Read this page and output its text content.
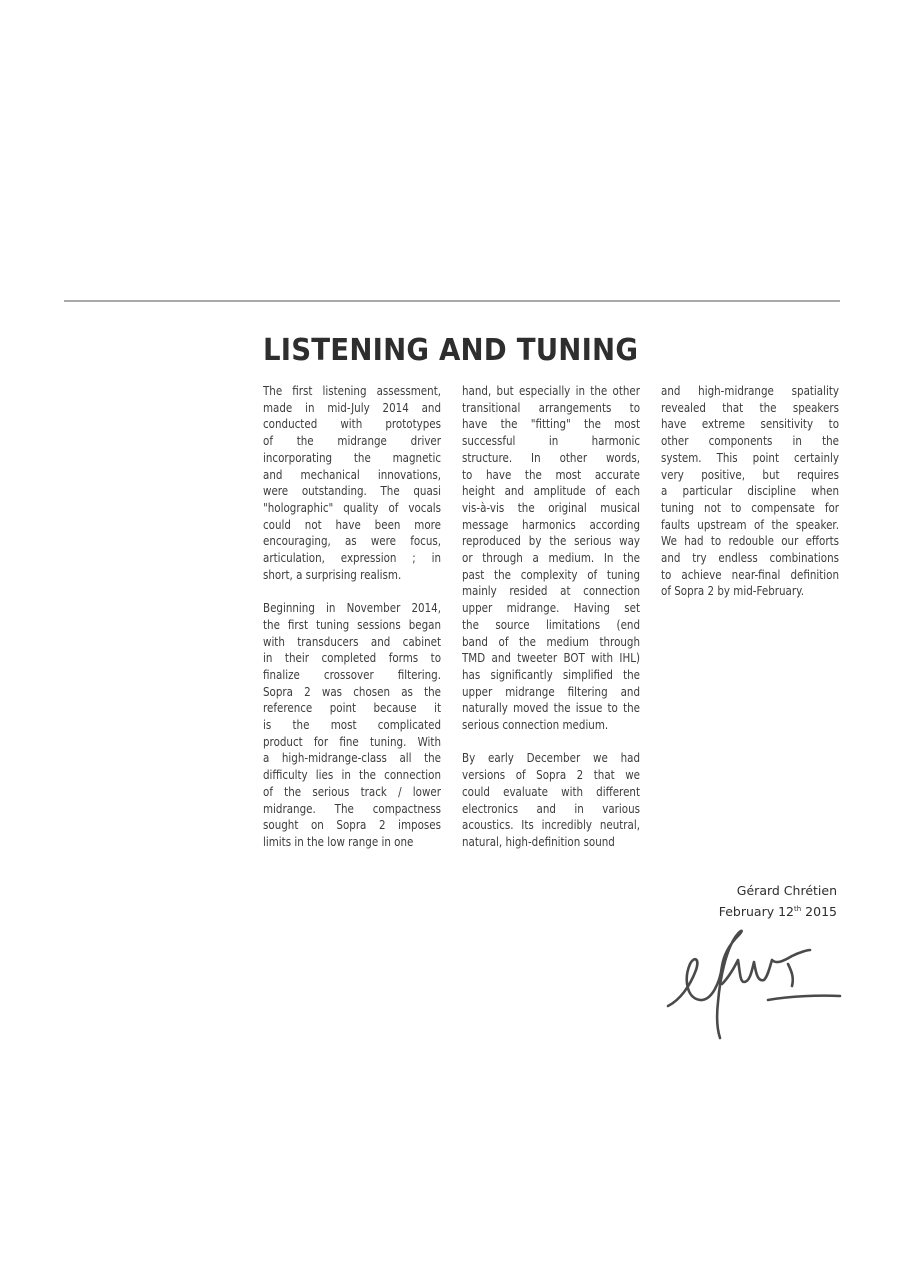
LISTENING AND TUNING

The first listening assessment,
made in mid-July 2014 and
conducted with prototypes
of the midrange driver
incorporating the magnetic
and mechanical innovations,
were outstanding. The quasi
"holographic" quality of vocals
could not have been more
encouraging, as were focus,
articulation, expression ; in
short, a surprising realism.

Beginning in November 2014,
the first tuning sessions began
with transducers and cabinet
in their completed forms to
finalize crossover filtering.
Sopra 2 was chosen as the
reference point because it
is the most complicated
product for fine tuning. With
a high-midrange-class all the
difficulty lies in the connection
of the serious track / lower
midrange. The compactness
sought on Sopra 2 imposes
limits in the low range in one

hand, but especially in the other
transitional arrangements to
have the "fitting" the most
successful in harmonic
structure. In other words,
to have the most accurate
height and amplitude of each
vis-à-vis the original musical
message harmonics according
reproduced by the serious way
or through a medium. In the
past the complexity of tuning
mainly resided at connection
upper midrange. Having set
the source limitations (end
band of the medium through
TMD and tweeter BOT with IHL)
has significantly simplified the
upper midrange filtering and
naturally moved the issue to the
serious connection medium.

By early December we had
versions of Sopra 2 that we
could evaluate with different
electronics and in various
acoustics. Its incredibly neutral,
natural, high-definition sound

and high-midrange spatiality
revealed that the speakers
have extreme sensitivity to
other components in the
system. This point certainly
very positive, but requires
a particular discipline when
tuning not to compensate for
faults upstream of the speaker.
We had to redouble our efforts
and try endless combinations
to achieve near-final definition
of Sopra 2 by mid-February.

Gérard Chrétien
February 12th 2015
